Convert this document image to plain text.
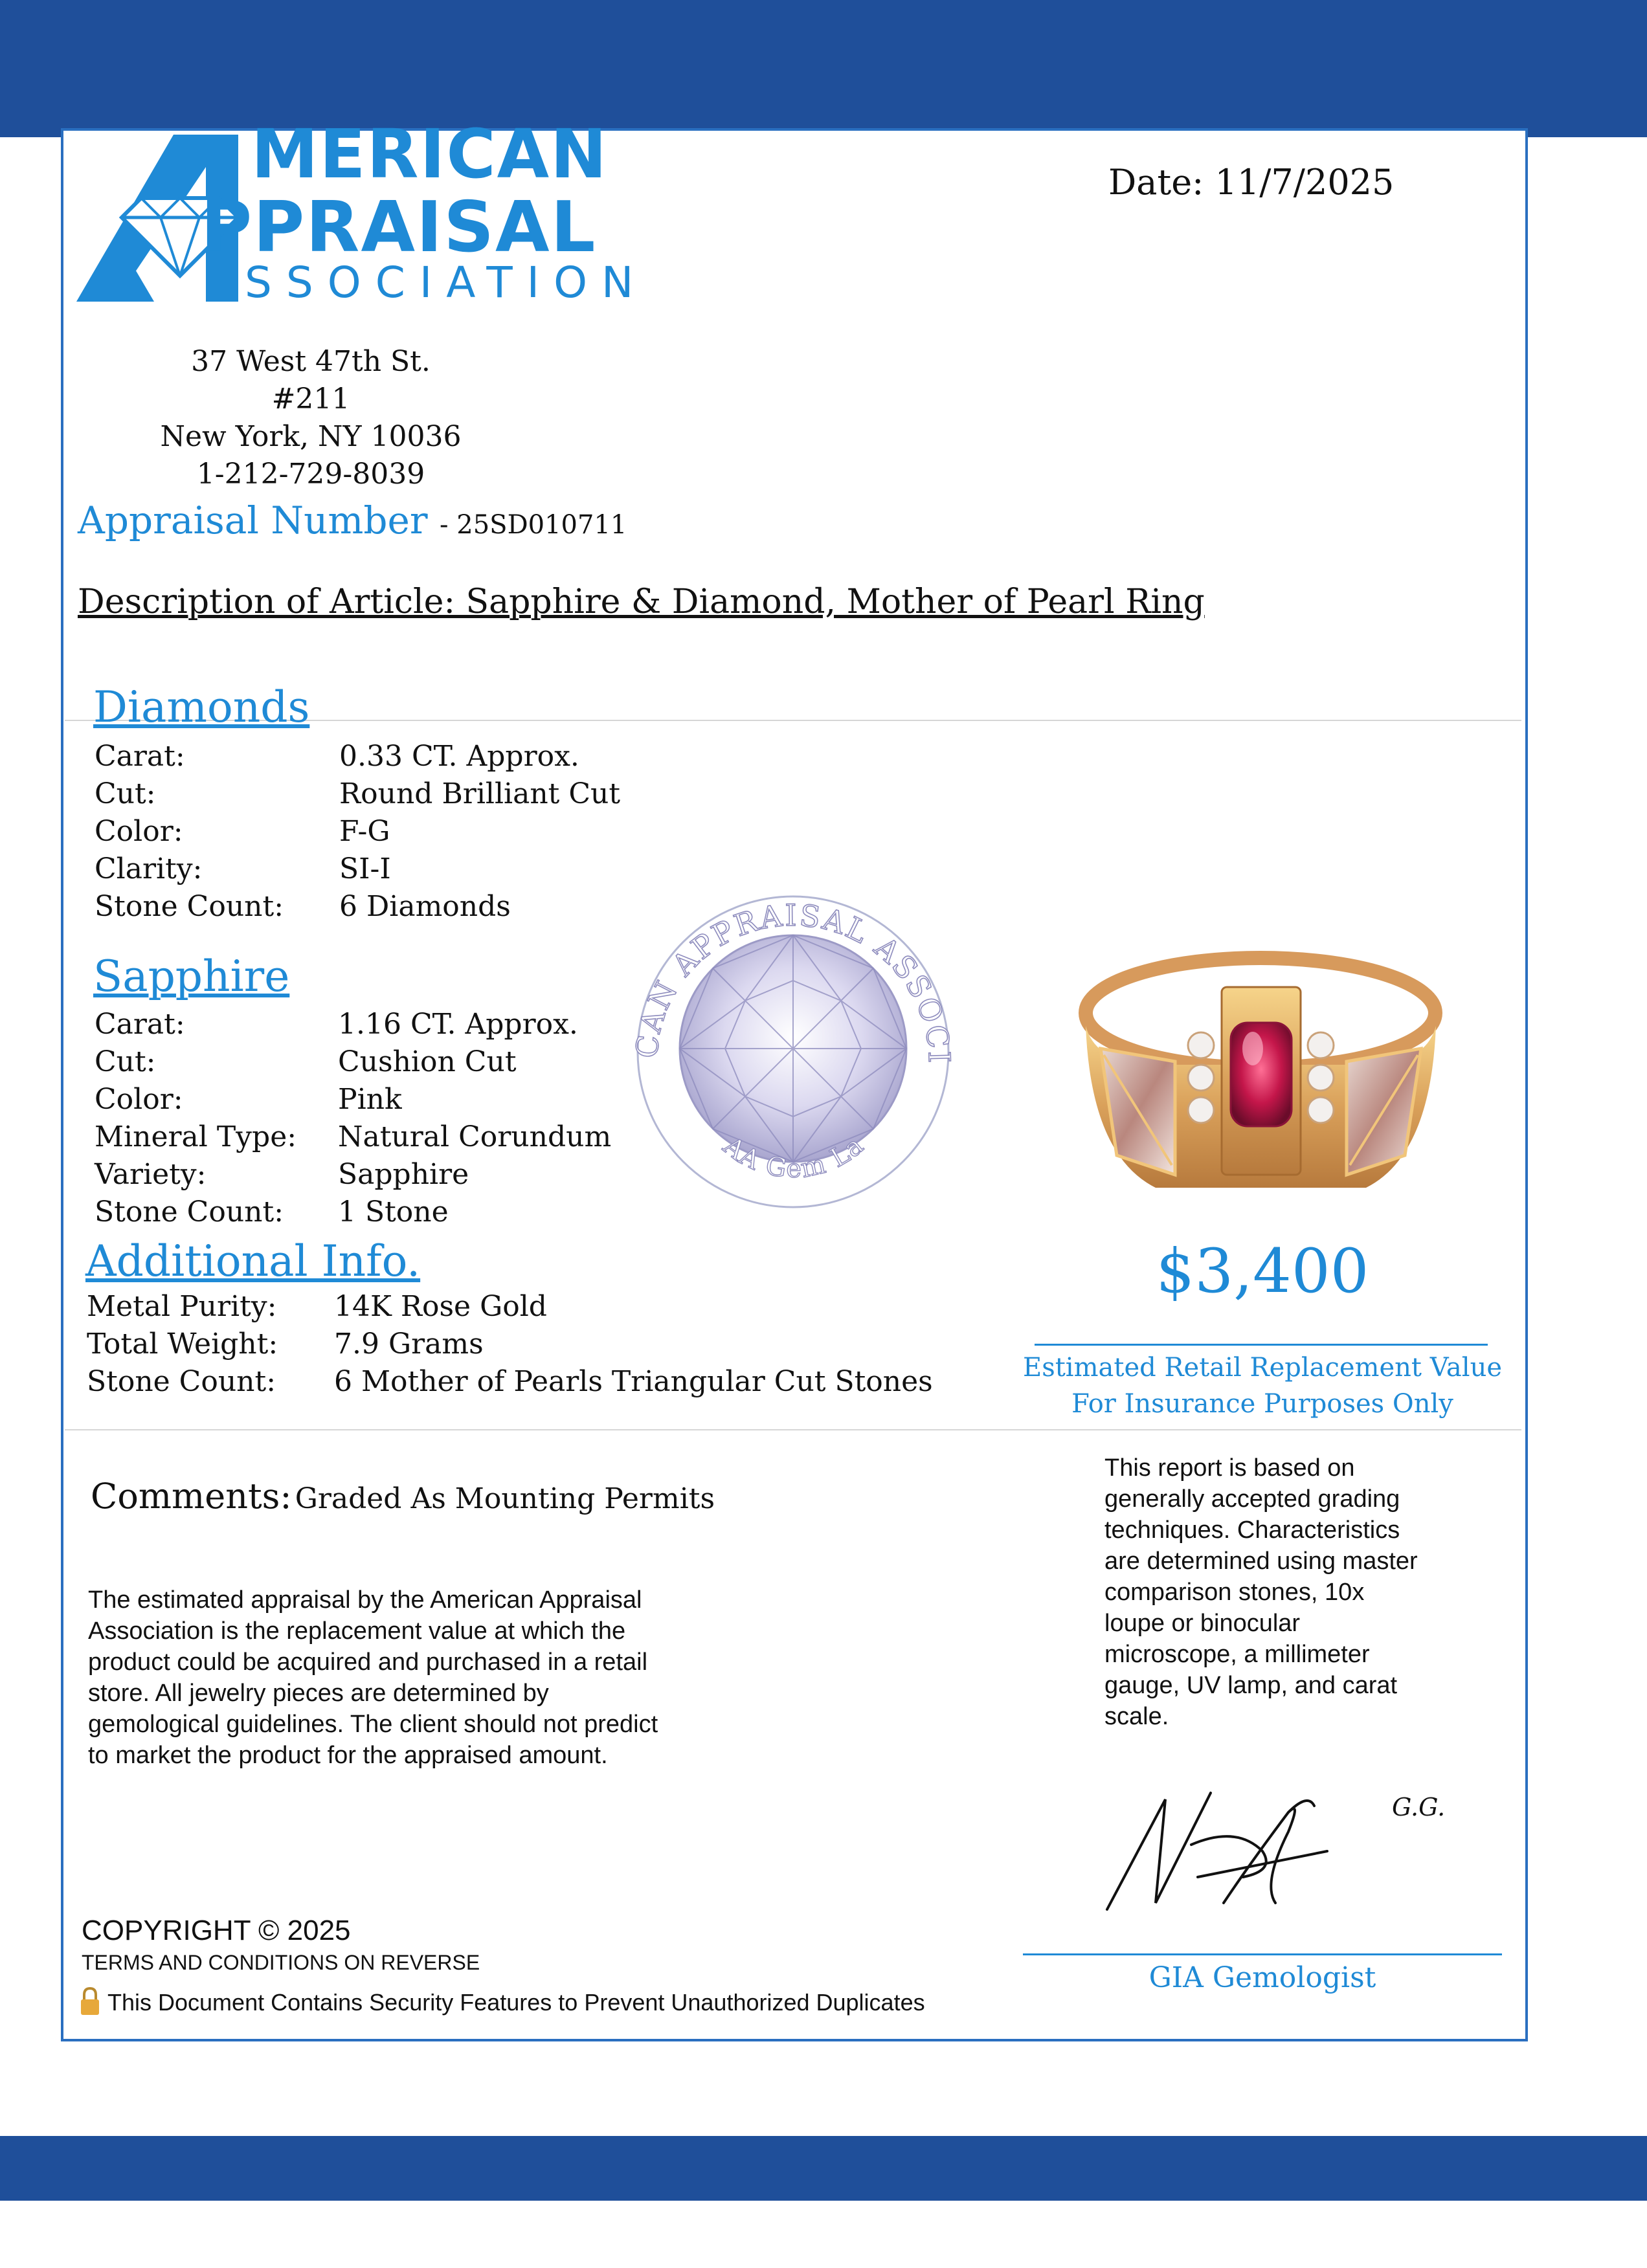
MERICAN
PPRAISAL
SSOCIATION
37 West 47th St. #211
New York, NY 10036
1-212-729-8039
Date: 11/7/2025
Appraisal Number - 25SD010711
Description of Article: Sapphire & Diamond, Mother of Pearl Ring
Diamonds
Carat:	0.33 CT. Approx.
Cut:	Round Brilliant Cut
Color:	F-G
Clarity:	SI-I
Stone Count: 6 Diamonds
Sapphire
Carat:	1.16 CT. Approx.
Cut:	Cushion Cut
Color:	Pink
Mineral Type: Natural Corundum
Variety:	Sapphire
Stone Count: 1 Stone
Additional Info.
Metal Purity: 14K Rose Gold
Total Weight: 7.9 Grams
Stone Count: 6 Mother of Pearls Triangular Cut Stones
CAN APPRAISAL ASSOCI
AA Gem La
$3,400
Estimated Retail Replacement Value
For Insurance Purposes Only
Comments: Graded As Mounting Permits
The estimated appraisal by the American Appraisal
Association is the replacement value at which the
product could be acquired and purchased in a retail
store. All jewelry pieces are determined by
gemological guidelines. The client should not predict
to market the product for the appraised amount.
This report is based on
generally accepted grading
techniques. Characteristics
are determined using master
comparison stones, 10x
loupe or binocular
microscope, a millimeter
gauge, UV lamp, and carat
scale.
G.G.
GIA Gemologist
COPYRIGHT © 2025
TERMS AND CONDITIONS ON REVERSE
This Document Contains Security Features to Prevent Unauthorized Duplicates
